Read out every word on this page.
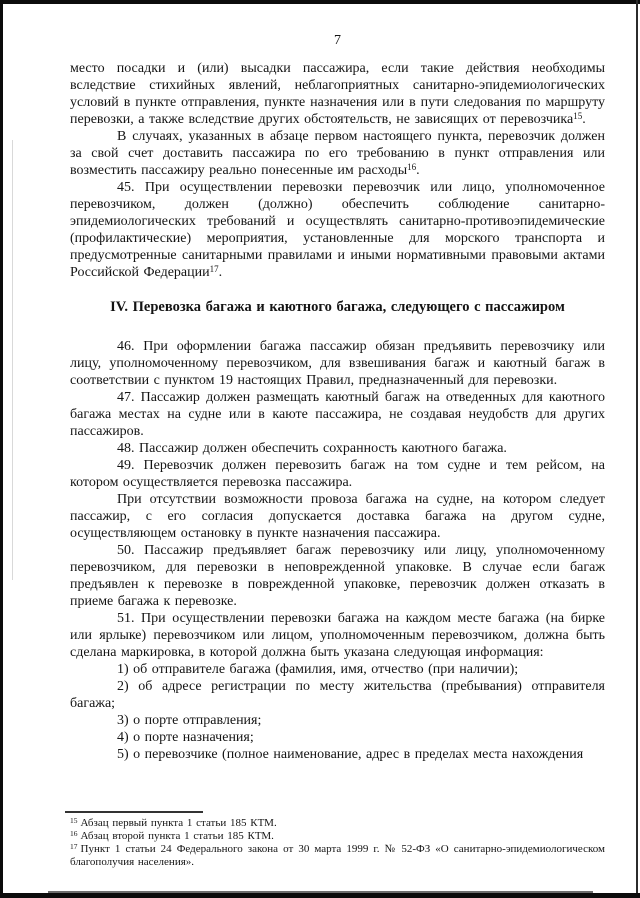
7

место посадки и (или) высадки пассажира, если такие действия необходимы вследствие стихийных явлений, неблагоприятных санитарно-эпидемиологических условий в пункте отправления, пункте назначения или в пути следования по маршруту перевозки, а также вследствие других обстоятельств, не зависящих от перевозчика$^{15}$.

В случаях, указанных в абзаце первом настоящего пункта, перевозчик должен за свой счет доставить пассажира по его требованию в пункт отправления или возместить пассажиру реально понесенные им расходы$^{16}$.

45. При осуществлении перевозки перевозчик или лицо, уполномоченное перевозчиком, должен (должно) обеспечить соблюдение санитарно-эпидемиологических требований и осуществлять санитарно-противоэпидемические (профилактические) мероприятия, установленные для морского транспорта и предусмотренные санитарными правилами и иными нормативными правовыми актами Российской Федерации$^{17}$.

IV. Перевозка багажа и каютного багажа, следующего с пассажиром

46. При оформлении багажа пассажир обязан предъявить перевозчику или лицу, уполномоченному перевозчиком, для взвешивания багаж и каютный багаж в соответствии с пунктом 19 настоящих Правил, предназначенный для перевозки.

47. Пассажир должен размещать каютный багаж на отведенных для каютного багажа местах на судне или в каюте пассажира, не создавая неудобств для других пассажиров.

48. Пассажир должен обеспечить сохранность каютного багажа.

49. Перевозчик должен перевозить багаж на том судне и тем рейсом, на котором осуществляется перевозка пассажира.

При отсутствии возможности провоза багажа на судне, на котором следует пассажир, с его согласия допускается доставка багажа на другом судне, осуществляющем остановку в пункте назначения пассажира.

50. Пассажир предъявляет багаж перевозчику или лицу, уполномоченному перевозчиком, для перевозки в неповрежденной упаковке. В случае если багаж предъявлен к перевозке в поврежденной упаковке, перевозчик должен отказать в приеме багажа к перевозке.

51. При осуществлении перевозки багажа на каждом месте багажа (на бирке или ярлыке) перевозчиком или лицом, уполномоченным перевозчиком, должна быть сделана маркировка, в которой должна быть указана следующая информация:

1) об отправителе багажа (фамилия, имя, отчество (при наличии);

2) об адресе регистрации по месту жительства (пребывания) отправителя багажа;

3) о порте отправления;

4) о порте назначения;

5) о перевозчике (полное наименование, адрес в пределах места нахождения

$^{15}$ Абзац первый пункта 1 статьи 185 КТМ.

$^{16}$ Абзац второй пункта 1 статьи 185 КТМ.

$^{17}$ Пункт 1 статьи 24 Федерального закона от 30 марта 1999 г. № 52-ФЗ «О санитарно-эпидемиологическом благополучия населения».
